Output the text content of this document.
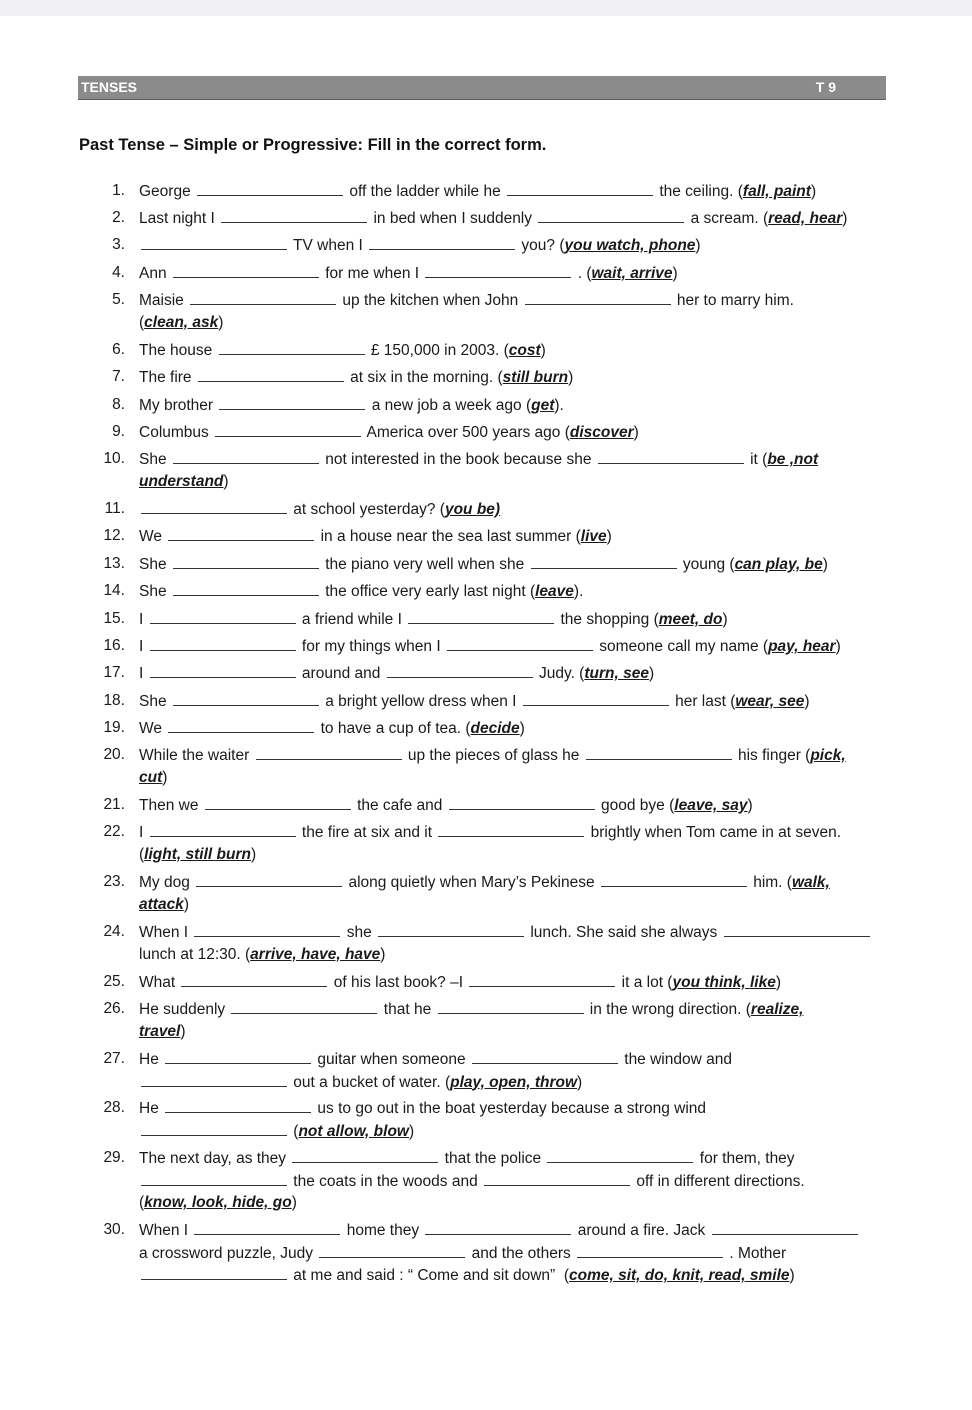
TENSES	T 9
Past Tense – Simple or Progressive: Fill in the correct form.
1. George	off the ladder while he	the ceiling. (fall, paint)
2. Last night I	in bed when I suddenly	a scream. (read, hear)
3.	TV when I	you? (you watch, phone)
4. Ann	for me when I	. (wait, arrive)
5. Maisie	up the kitchen when John	her to marry him.
(clean, ask)
6. The house	£ 150,000 in 2003. (cost)
7. The fire	at six in the morning. (still burn)
8. My brother	a new job a week ago (get).
9. Columbus	America over 500 years ago (discover)
10. She	not interested in the book because she	it (be ,not
understand)
11.	at school yesterday? (you be)
12. We	in a house near the sea last summer (live)
13. She	the piano very well when she	young (can play, be)
14. She	the office very early last night (leave).
15. I	a friend while I	the shopping (meet, do)
16. I	for my things when I	someone call my name (pay, hear)
17. I	around and	Judy. (turn, see)
18. She	a bright yellow dress when I	her last (wear, see)
19. We	to have a cup of tea. (decide)
20. While the waiter	up the pieces of glass he	his finger (pick,
cut)
21. Then we	the cafe and	good bye (leave, say)
22. I	the fire at six and it	brightly when Tom came in at seven.
(light, still burn)
23. My dog	along quietly when Mary’s Pekinese	him. (walk,
attack)
24. When I	she	lunch. She said she always
lunch at 12:30. (arrive, have, have)
25. What	of his last book? –I	it a lot (you think, like)
26. He suddenly	that he	in the wrong direction. (realize,
travel)
27. He	guitar when someone	the window and
out a bucket of water. (play, open, throw)
28. He	us to go out in the boat yesterday because a strong wind
(not allow, blow)
29. The next day, as they	that the police	for them, they
the coats in the woods and	off in different directions.
(know, look, hide, go)
30. When I	home they	around a fire. Jack
a crossword puzzle, Judy	and the others	. Mother
at me and said : “ Come and sit down”  (come, sit, do, knit, read, smile)
